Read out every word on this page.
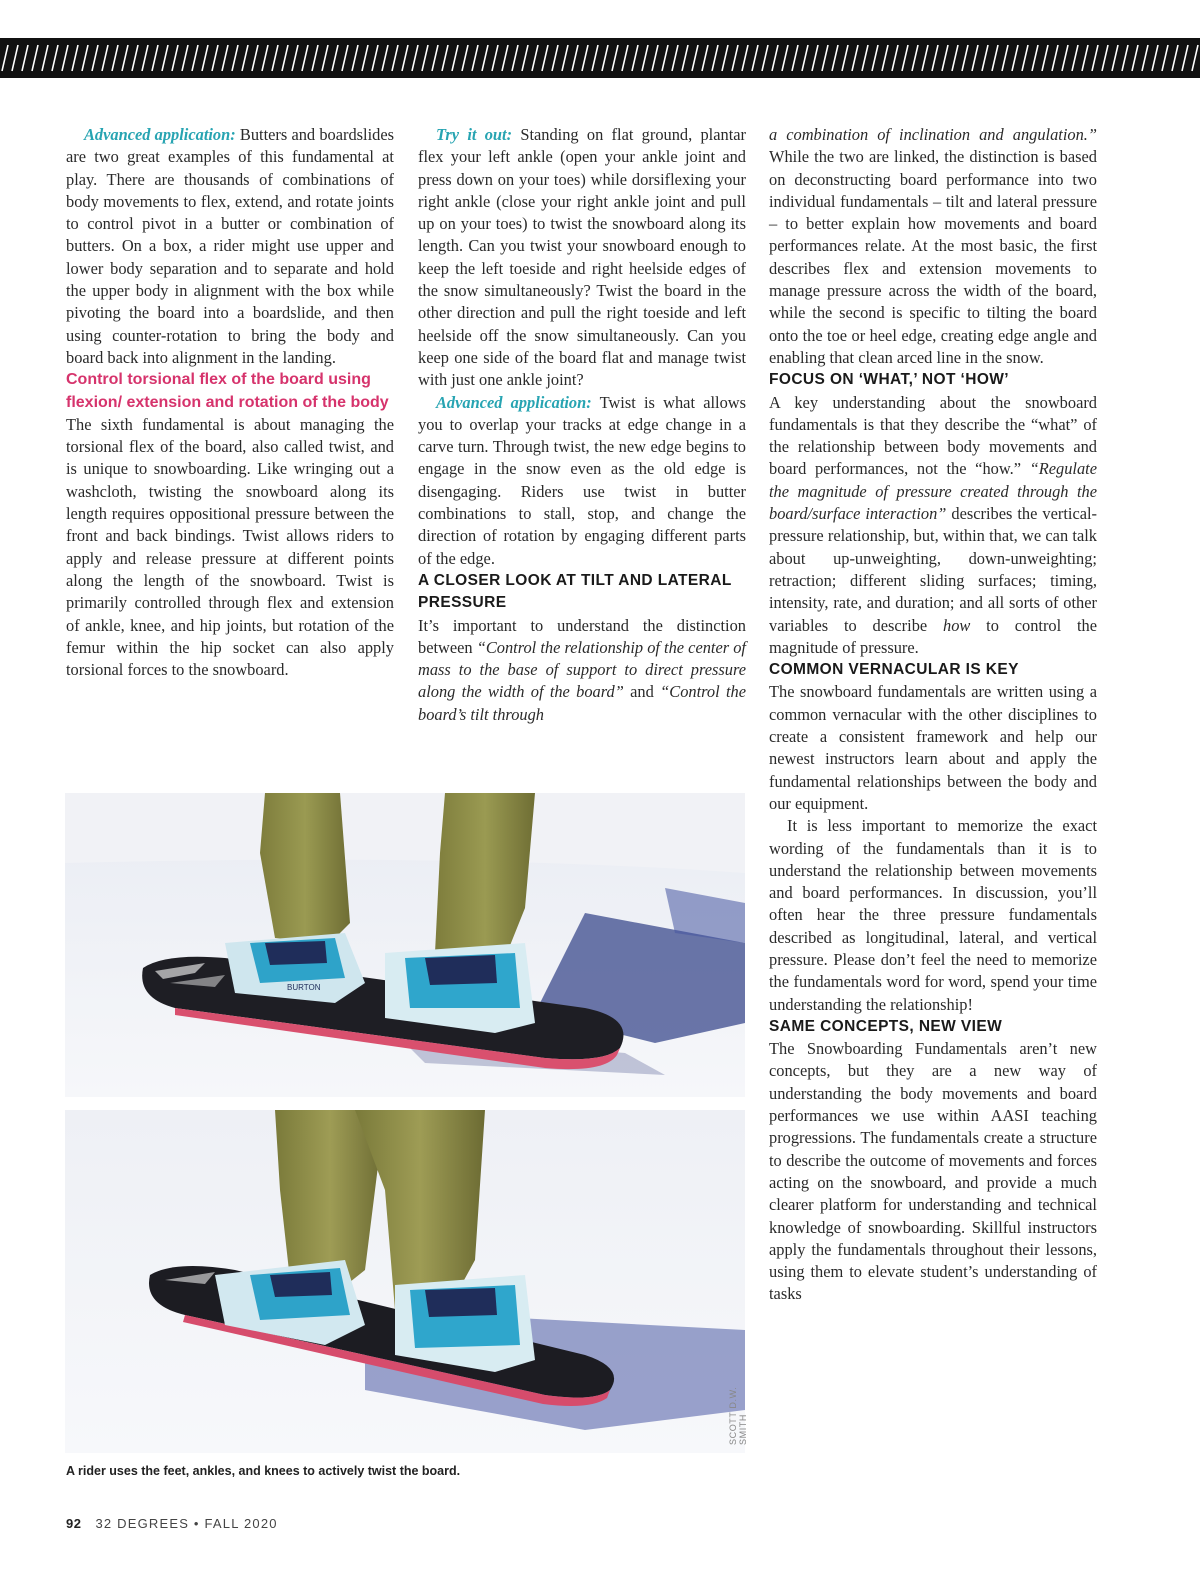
Advanced application: Butters and boardslides are two great examples of this fundamental at play. There are thousands of combinations of body movements to flex, extend, and rotate joints to control pivot in a butter or combination of butters. On a box, a rider might use upper and lower body separation and to separate and hold the upper body in alignment with the box while pivoting the board into a boardslide, and then using counter-rotation to bring the body and board back into alignment in the landing.

Control torsional flex of the board using flexion/ extension and rotation of the body

The sixth fundamental is about managing the torsional flex of the board, also called twist, and is unique to snowboarding. Like wringing out a washcloth, twisting the snowboard along its length requires oppositional pressure between the front and back bindings. Twist allows riders to apply and release pressure at different points along the length of the snowboard. Twist is primarily controlled through flex and extension of ankle, knee, and hip joints, but rotation of the femur within the hip socket can also apply torsional forces to the snowboard.

Try it out: Standing on flat ground, plantar flex your left ankle (open your ankle joint and press down on your toes) while dorsiflexing your right ankle (close your right ankle joint and pull up on your toes) to twist the snowboard along its length. Can you twist your snowboard enough to keep the left toeside and right heelside edges of the snow simultaneously? Twist the board in the other direction and pull the right toeside and left heelside off the snow simultaneously. Can you keep one side of the board flat and manage twist with just one ankle joint?

Advanced application: Twist is what allows you to overlap your tracks at edge change in a carve turn. Through twist, the new edge begins to engage in the snow even as the old edge is disengaging. Riders use twist in butter combinations to stall, stop, and change the direction of rotation by engaging different parts of the edge.

A CLOSER LOOK AT TILT AND LATERAL PRESSURE

It’s important to understand the distinction between “Control the relationship of the center of mass to the base of support to direct pressure along the width of the board” and “Control the board’s tilt through

a combination of inclination and angulation.” While the two are linked, the distinction is based on deconstructing board performance into two individual fundamentals – tilt and lateral pressure – to better explain how movements and board performances relate. At the most basic, the first describes flex and extension movements to manage pressure across the width of the board, while the second is specific to tilting the board onto the toe or heel edge, creating edge angle and enabling that clean arced line in the snow.

FOCUS ON ‘WHAT,’ NOT ‘HOW’

A key understanding about the snowboard fundamentals is that they describe the “what” of the relationship between body movements and board performances, not the “how.” “Regulate the magnitude of pressure created through the board/surface interaction” describes the vertical-pressure relationship, but, within that, we can talk about up-unweighting, down-unweighting; retraction; different sliding surfaces; timing, intensity, rate, and duration; and all sorts of other variables to describe how to control the magnitude of pressure.

COMMON VERNACULAR IS KEY

The snowboard fundamentals are written using a common vernacular with the other disciplines to create a consistent framework and help our newest instructors learn about and apply the fundamental relationships between the body and our equipment.

It is less important to memorize the exact wording of the fundamentals than it is to understand the relationship between movements and board performances. In discussion, you’ll often hear the three pressure fundamentals described as longitudinal, lateral, and vertical pressure. Please don’t feel the need to memorize the fundamentals word for word, spend your time understanding the relationship!

SAME CONCEPTS, NEW VIEW

The Snowboarding Fundamentals aren’t new concepts, but they are a new way of understanding the body movements and board performances we use within AASI teaching progressions. The fundamentals create a structure to describe the outcome of movements and forces acting on the snowboard, and provide a much clearer platform for understanding and technical knowledge of snowboarding. Skillful instructors apply the fundamentals throughout their lessons, using them to elevate student’s understanding of tasks

BURTON
SCOTT D.W. SMITH
A rider uses the feet, ankles, and knees to actively twist the board.
92 32 DEGREES • FALL 2020
